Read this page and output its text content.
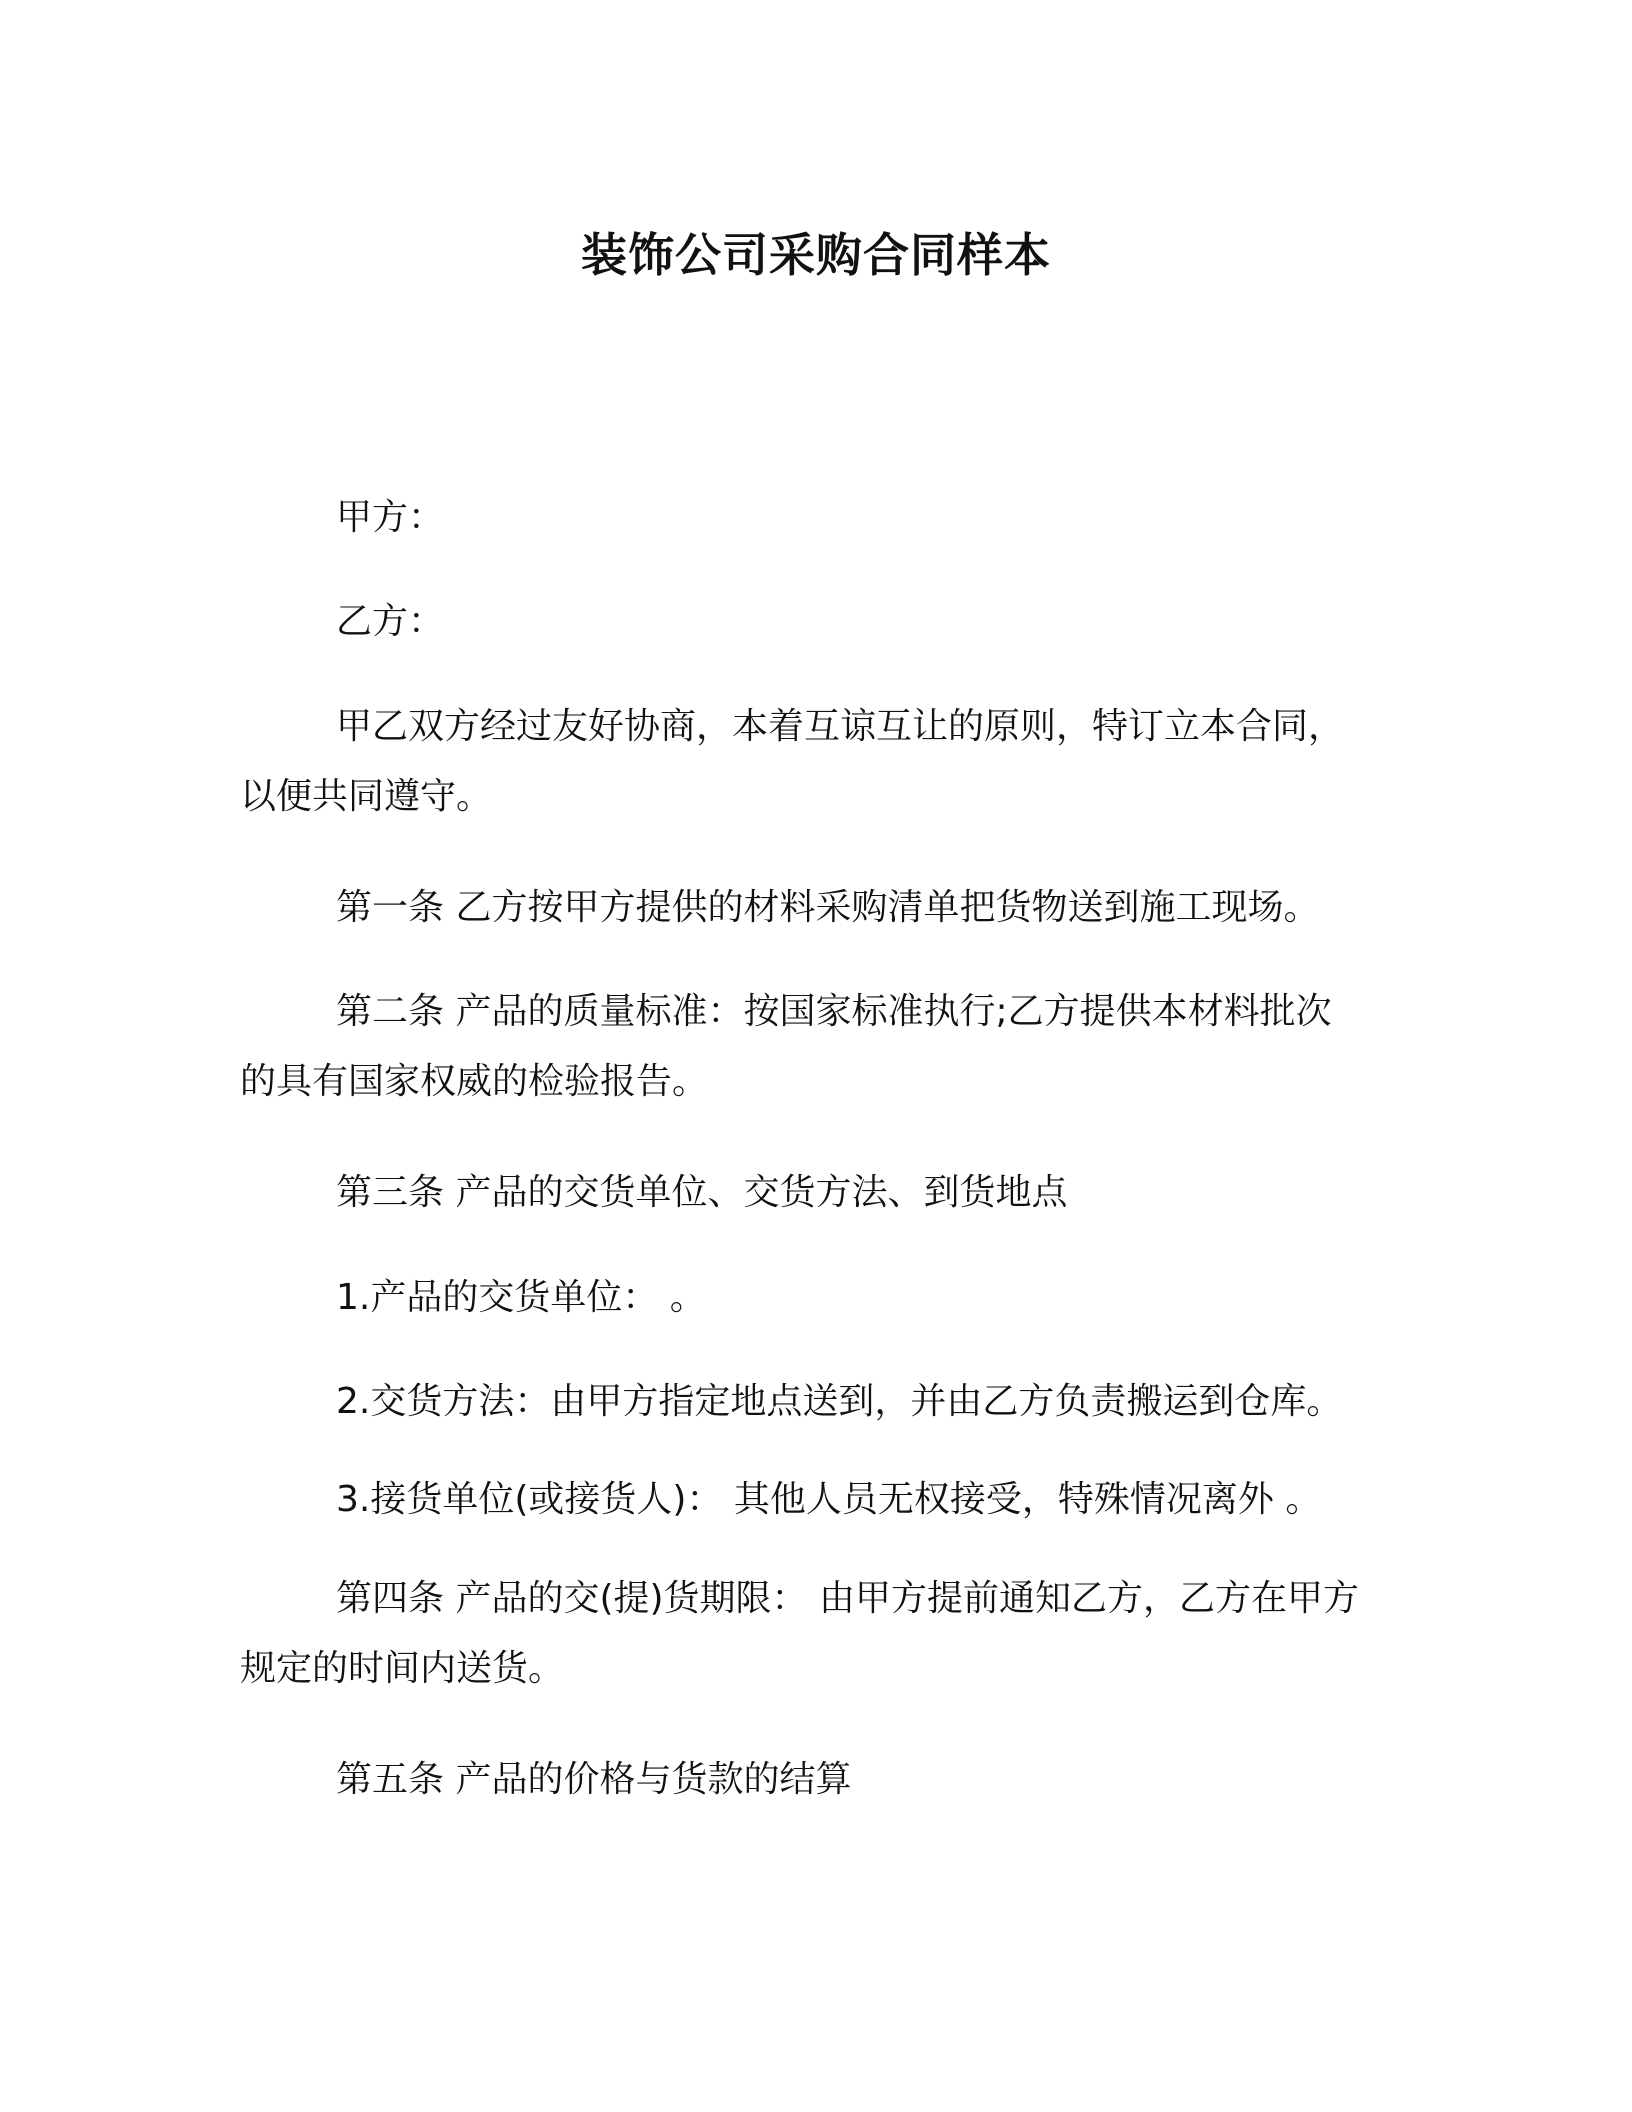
装饰公司采购合同样本
甲方：
乙方：
甲乙双方经过友好协商，本着互谅互让的原则，特订立本合同，
以便共同遵守。
第一条 乙方按甲方提供的材料采购清单把货物送到施工现场。
第二条 产品的质量标准：按国家标准执行;乙方提供本材料批次
的具有国家权威的检验报告。
第三条 产品的交货单位、交货方法、到货地点
1.产品的交货单位： 。
2.交货方法：由甲方指定地点送到，并由乙方负责搬运到仓库。
3.接货单位(或接货人)： 其他人员无权接受，特殊情况离外 。
第四条 产品的交(提)货期限： 由甲方提前通知乙方，乙方在甲方
规定的时间内送货。
第五条 产品的价格与货款的结算
